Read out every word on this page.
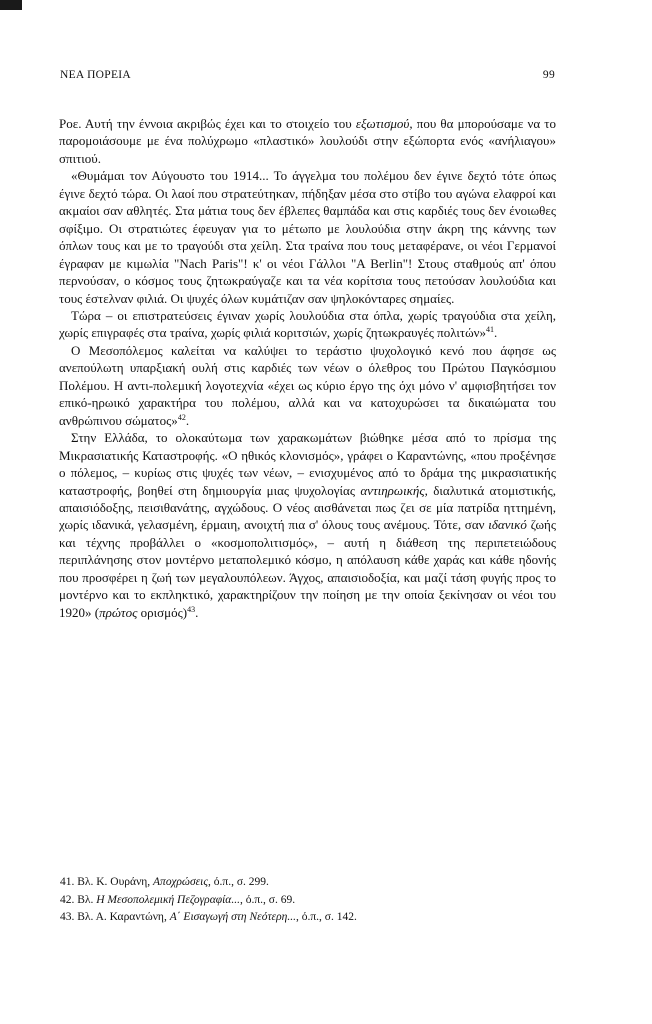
ΝΕΑ ΠΟΡΕΙΑ	99

Ροε. Αυτή την έννοια ακριβώς έχει και το στοιχείο του εξωτισμού, που θα μπορούσαμε να το παρομοιάσουμε με ένα πολύχρωμο «πλαστικό» λουλούδι στην εξώπορτα ενός «ανήλιαγου» σπιτιού.

«Θυμάμαι τον Αύγουστο του 1914... Το άγγελμα του πολέμου δεν έγινε δεχτό τότε όπως έγινε δεχτό τώρα. Οι λαοί που στρατεύτηκαν, πήδηξαν μέσα στο στίβο του αγώνα ελαφροί και ακμαίοι σαν αθλητές. Στα μάτια τους δεν έβλεπες θαμπάδα και στις καρδιές τους δεν ένοιωθες σφίξιμο. Οι στρατιώτες έφευγαν για το μέτωπο με λουλούδια στην άκρη της κάννης των όπλων τους και με το τραγούδι στα χείλη. Στα τραίνα που τους μεταφέρανε, οι νέοι Γερμανοί έγραφαν με κιμωλία "Nach Paris"! κ' οι νέοι Γάλλοι "A Berlin"! Στους σταθμούς απ' όπου περνούσαν, ο κόσμος τους ζητωκραύγαζε και τα νέα κορίτσια τους πετούσαν λουλούδια και τους έστελναν φιλιά. Οι ψυχές όλων κυμάτιζαν σαν ψηλοκόνταρες σημαίες.

Τώρα – οι επιστρατεύσεις έγιναν χωρίς λουλούδια στα όπλα, χωρίς τραγούδια στα χείλη, χωρίς επιγραφές στα τραίνα, χωρίς φιλιά κοριτσιών, χωρίς ζητωκραυγές πολιτών»$^{41}$.

Ο Μεσοπόλεμος καλείται να καλύψει το τεράστιο ψυχολογικό κενό που άφησε ως ανεπούλωτη υπαρξιακή ουλή στις καρδιές των νέων ο όλεθρος του Πρώτου Παγκόσμιου Πολέμου. Η αντι-πολεμική λογοτεχνία «έχει ως κύριο έργο της όχι μόνο ν' αμφισβητήσει τον επικό-ηρωικό χαρακτήρα του πολέμου, αλλά και να κατοχυρώσει τα δικαιώματα του ανθρώπινου σώματος»$^{42}$.

Στην Ελλάδα, το ολοκαύτωμα των χαρακωμάτων βιώθηκε μέσα από το πρίσμα της Μικρασιατικής Καταστροφής. «Ο ηθικός κλονισμός», γράφει ο Καραντώνης, «που προξένησε ο πόλεμος, – κυρίως στις ψυχές των νέων, – ενισχυμένος από το δράμα της μικρασιατικής καταστροφής, βοηθεί στη δημιουργία μιας ψυχολογίας αντιηρωικής, διαλυτικά ατομιστικής, απαισιόδοξης, πεισιθανάτης, αγχώδους. Ο νέος αισθάνεται πως ζει σε μία πατρίδα ηττημένη, χωρίς ιδανικά, γελασμένη, έρμαιη, ανοιχτή πια σ' όλους τους ανέμους. Τότε, σαν ιδανικό ζωής και τέχνης προβάλλει ο «κοσμοπολιτισμός», – αυτή η διάθεση της περιπετειώδους περιπλάνησης στον μοντέρνο μεταπολεμικό κόσμο, η απόλαυση κάθε χαράς και κάθε ηδονής που προσφέρει η ζωή των μεγαλουπόλεων. Άγχος, απαισιοδοξία, και μαζί τάση φυγής προς το μοντέρνο και το εκπληκτικό, χαρακτηρίζουν την ποίηση με την οποία ξεκίνησαν οι νέοι του 1920» (πρώτος ορισμός)$^{43}$.

41. Βλ. Κ. Ουράνη, Αποχρώσεις, ό.π., σ. 299.

42. Βλ. Η Μεσοπολεμική Πεζογραφία..., ό.π., σ. 69.

43. Βλ. Α. Καραντώνη, Α΄ Εισαγωγή στη Νεότερη..., ό.π., σ. 142.
